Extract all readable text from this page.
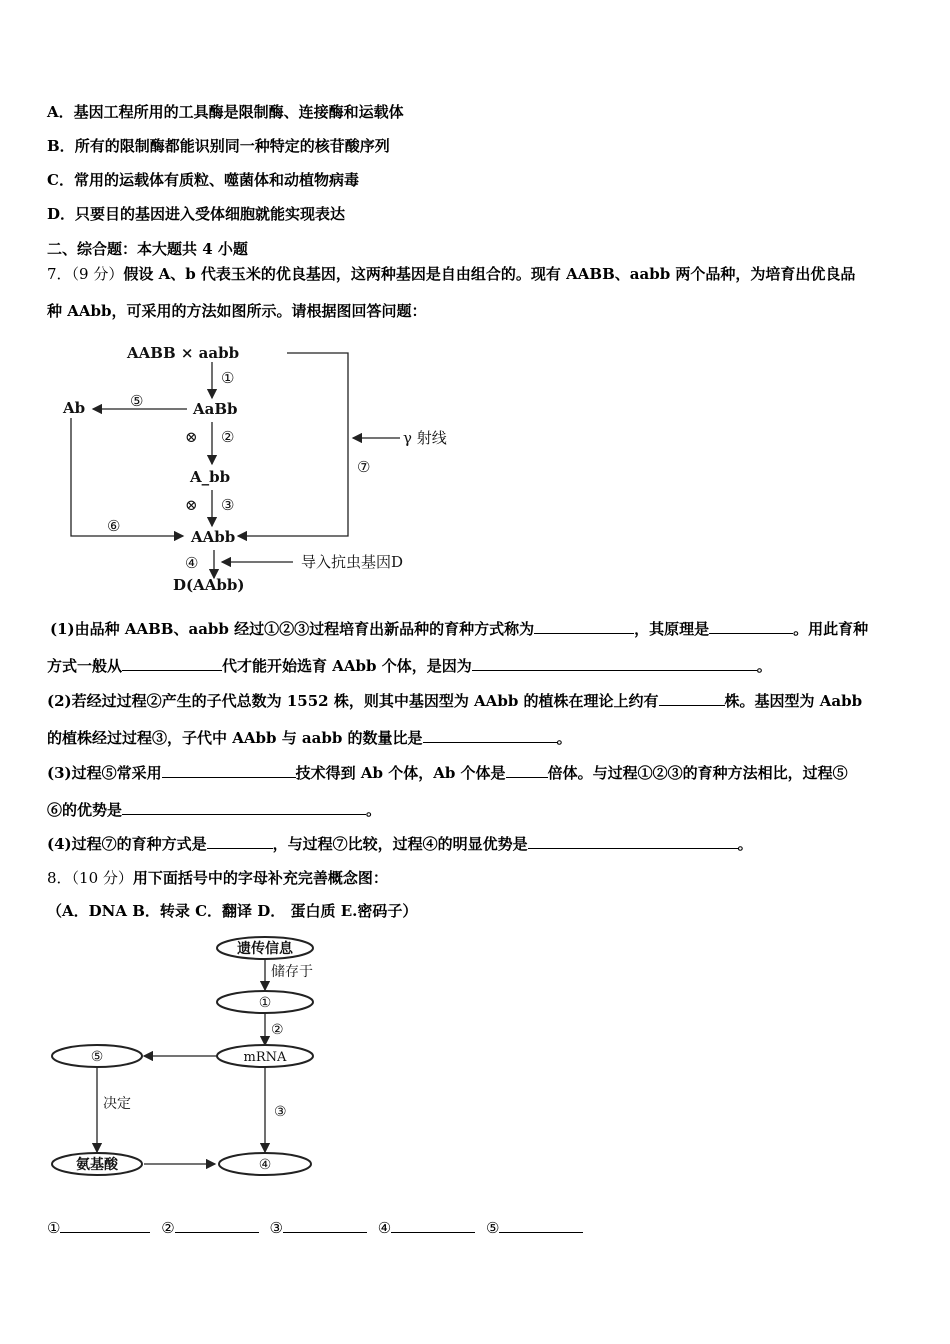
A．基因工程所用的工具酶是限制酶、连接酶和运载体
B．所有的限制酶都能识别同一种特定的核苷酸序列
C．常用的运载体有质粒、噬菌体和动植物病毒
D．只要目的基因进入受体细胞就能实现表达
二、综合题：本大题共 4 小题
7．（9 分）假设 A、b 代表玉米的优良基因，这两种基因是自由组合的。现有 AABB、aabb 两个品种，为培育出优良品
种 AAbb，可采用的方法如图所示。请根据图回答问题：
AABB × aabb
①
AaBb
⊗ ②
A_bb
⊗ ③
AAbb
④
D(AAbb)
导入抗虫基因D
γ 射线
⑦
Ab	⑤
⑥
(1)由品种 AABB、aabb 经过①②③过程培育出新品种的育种方式称为	，其原理是	。用此育种
方式一般从	代才能开始选育 AAbb 个体，是因为	。
(2)若经过过程②产生的子代总数为 1552 株，则其中基因型为 AAbb 的植株在理论上约有	株。基因型为 Aabb
的植株经过过程③，子代中 AAbb 与 aabb 的数量比是	。
(3)过程⑤常采用	技术得到 Ab 个体，Ab 个体是	倍体。与过程①②③的育种方法相比，过程⑤
⑥的优势是	。
(4)过程⑦的育种方式是	，与过程⑦比较，过程④的明显优势是	。
8．（10 分）用下面括号中的字母补充完善概念图：
（A．DNA B．转录 C．翻译 D． 蛋白质 E.密码子）
遗传信息
储存于
①
②
mRNA
⑤
决定	③
氨基酸	④
①	②	③	④	⑤
